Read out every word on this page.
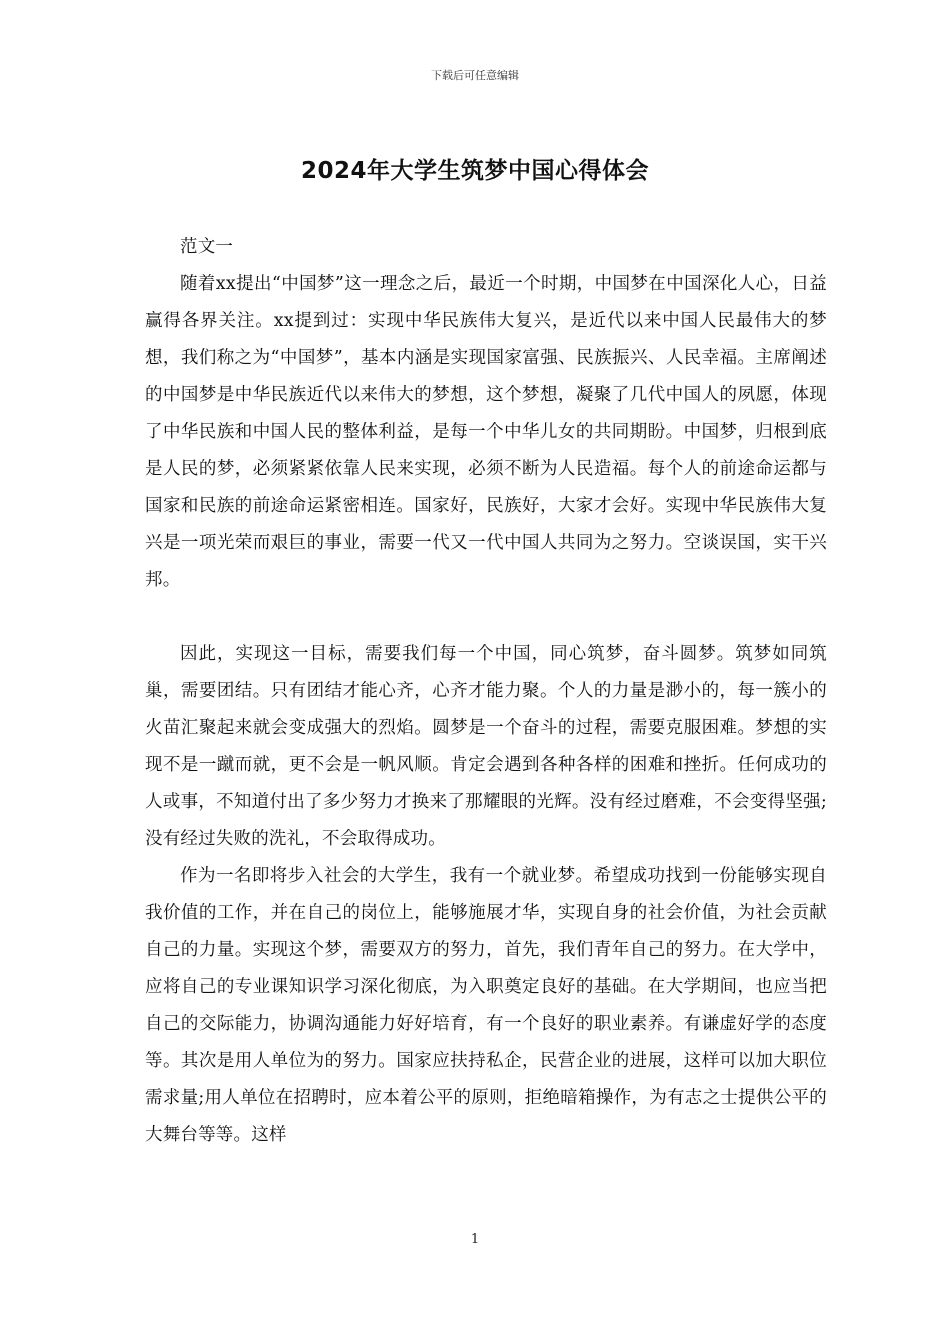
下载后可任意编辑
2024年大学生筑梦中国心得体会

范文一

随着xx提出“中国梦”这一理念之后，最近一个时期，中国梦在中国深化人心，日益赢得各界关注。xx提到过：实现中华民族伟大复兴，是近代以来中国人民最伟大的梦想，我们称之为“中国梦”，基本内涵是实现国家富强、民族振兴、人民幸福。主席阐述的中国梦是中华民族近代以来伟大的梦想，这个梦想，凝聚了几代中国人的夙愿，体现了中华民族和中国人民的整体利益，是每一个中华儿女的共同期盼。中国梦，归根到底是人民的梦，必须紧紧依靠人民来实现，必须不断为人民造福。每个人的前途命运都与国家和民族的前途命运紧密相连。国家好，民族好，大家才会好。实现中华民族伟大复兴是一项光荣而艰巨的事业，需要一代又一代中国人共同为之努力。空谈误国，实干兴邦。

因此，实现这一目标，需要我们每一个中国，同心筑梦，奋斗圆梦。筑梦如同筑巢，需要团结。只有团结才能心齐，心齐才能力聚。个人的力量是渺小的，每一簇小的火苗汇聚起来就会变成强大的烈焰。圆梦是一个奋斗的过程，需要克服困难。梦想的实现不是一蹴而就，更不会是一帆风顺。肯定会遇到各种各样的困难和挫折。任何成功的人或事，不知道付出了多少努力才换来了那耀眼的光辉。没有经过磨难，不会变得坚强;没有经过失败的洗礼，不会取得成功。

作为一名即将步入社会的大学生，我有一个就业梦。希望成功找到一份能够实现自我价值的工作，并在自己的岗位上，能够施展才华，实现自身的社会价值，为社会贡献自己的力量。实现这个梦，需要双方的努力，首先，我们青年自己的努力。在大学中，应将自己的专业课知识学习深化彻底，为入职奠定良好的基础。在大学期间，也应当把自己的交际能力，协调沟通能力好好培育，有一个良好的职业素养。有谦虚好学的态度等。其次是用人单位为的努力。国家应扶持私企，民营企业的进展，这样可以加大职位需求量;用人单位在招聘时，应本着公平的原则，拒绝暗箱操作，为有志之士提供公平的大舞台等等。这样

1
